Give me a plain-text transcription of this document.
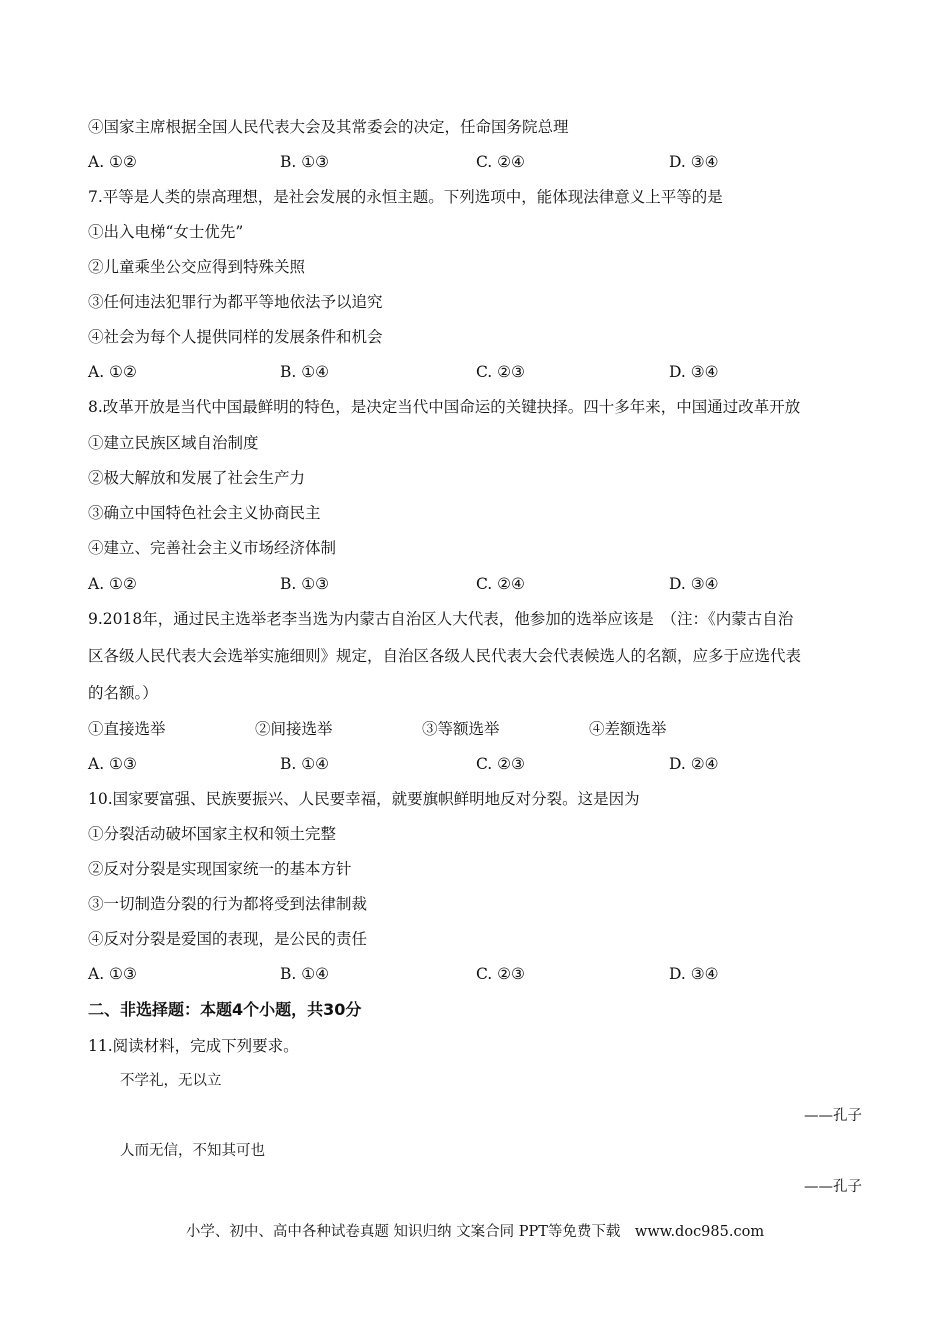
④国家主席根据全国人民代表大会及其常委会的决定，任命国务院总理
A. ①②	B. ①③	C. ②④	D. ③④
7.平等是人类的崇高理想，是社会发展的永恒主题。下列选项中，能体现法律意义上平等的是
①出入电梯“女士优先”
②儿童乘坐公交应得到特殊关照
③任何违法犯罪行为都平等地依法予以追究
④社会为每个人提供同样的发展条件和机会
A. ①②	B. ①④	C. ②③	D. ③④
8.改革开放是当代中国最鲜明的特色，是决定当代中国命运的关键抉择。四十多年来，中国通过改革开放
①建立民族区域自治制度
②极大解放和发展了社会生产力
③确立中国特色社会主义协商民主
④建立、完善社会主义市场经济体制
A. ①②	B. ①③	C. ②④	D. ③④
9.2018年，通过民主选举老李当选为内蒙古自治区人大代表，他参加的选举应该是　（注：《内蒙古自治
区各级人民代表大会选举实施细则》规定，自治区各级人民代表大会代表候选人的名额，应多于应选代表
的名额。）
①直接选举	②间接选举	③等额选举	④差额选举
A. ①③	B. ①④	C. ②③	D. ②④
10.国家要富强、民族要振兴、人民要幸福，就要旗帜鲜明地反对分裂。这是因为
①分裂活动破坏国家主权和领土完整
②反对分裂是实现国家统一的基本方针
③一切制造分裂的行为都将受到法律制裁
④反对分裂是爱国的表现，是公民的责任
A. ①③	B. ①④	C. ②③	D. ③④
二、非选择题：本题4个小题，共30分
11.阅读材料，完成下列要求。
不学礼，无以立
——孔子
人而无信，不知其可也
——孔子
小学、初中、高中各种试卷真题 知识归纳 文案合同 PPT等免费下载　www.doc985.com
